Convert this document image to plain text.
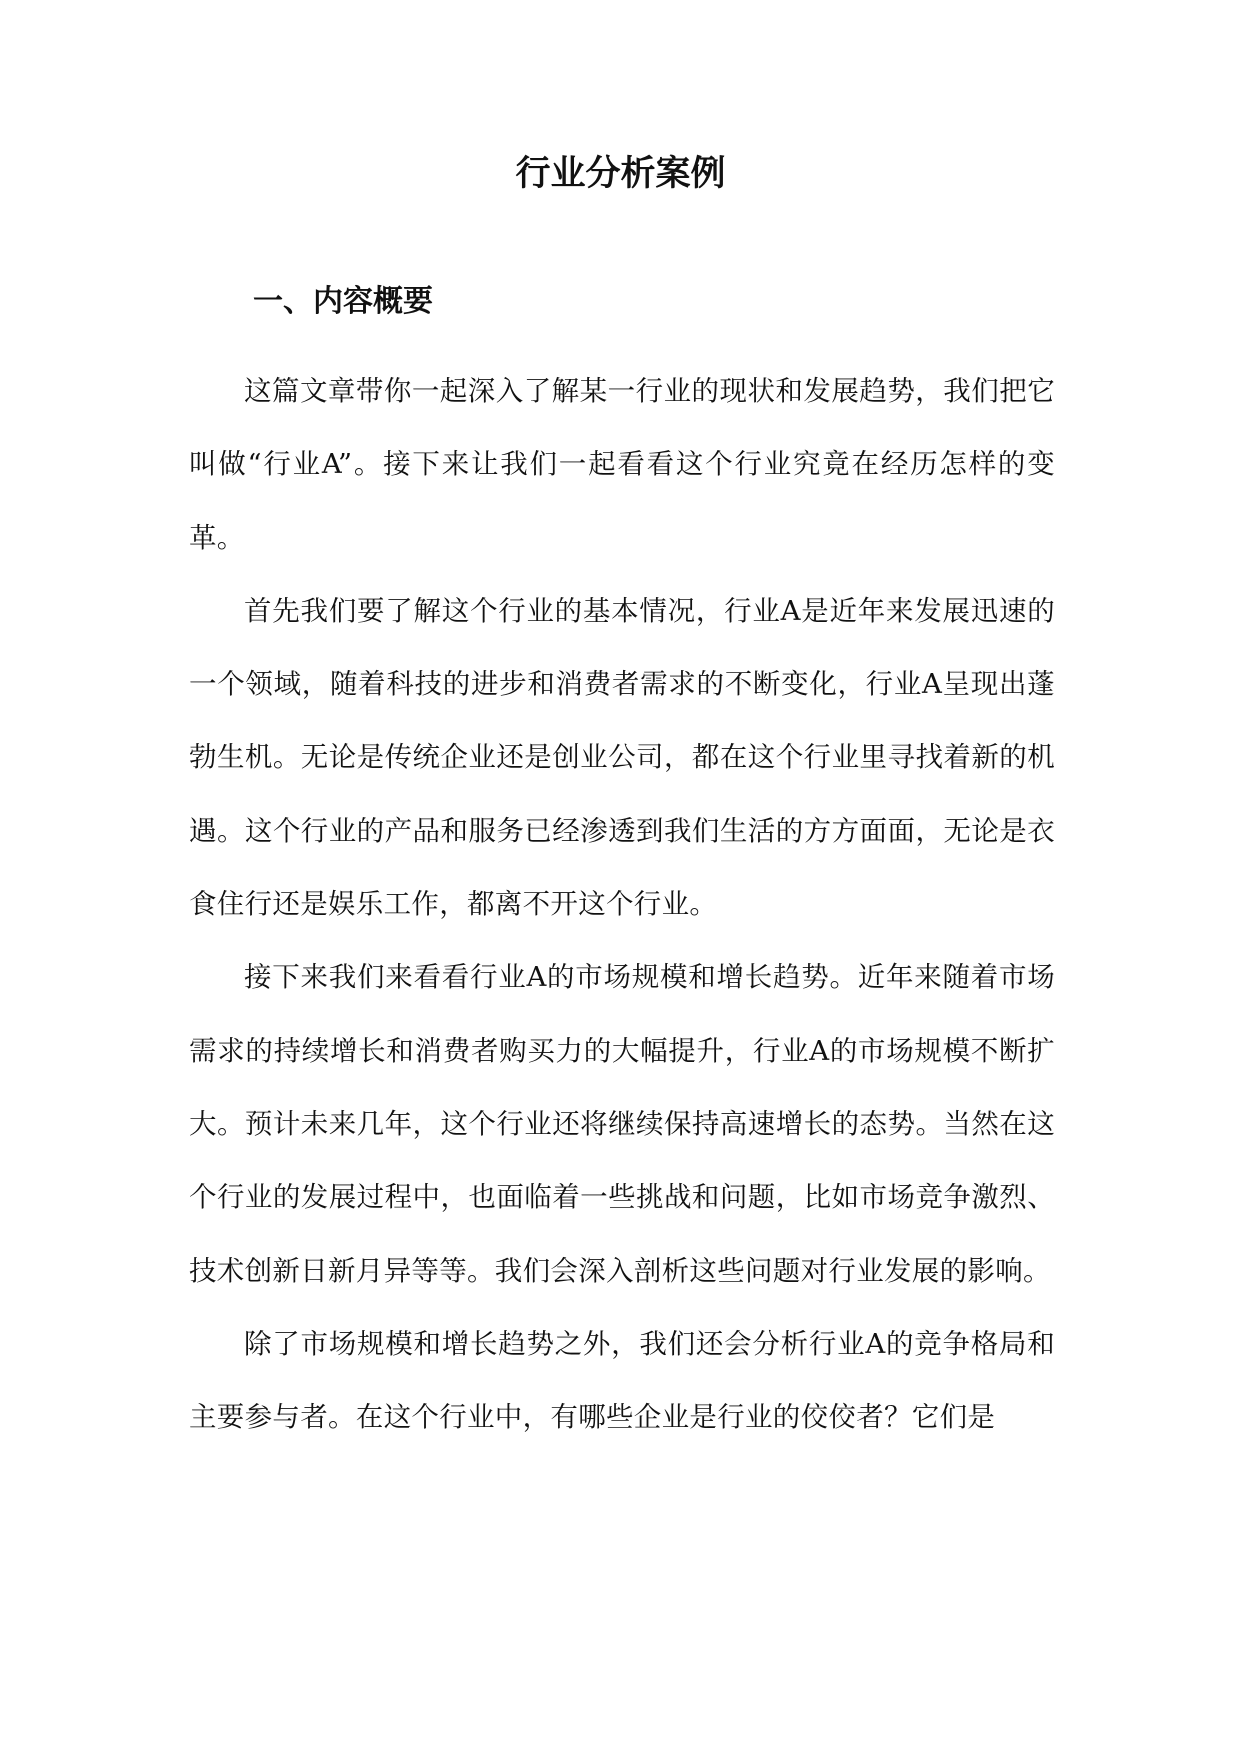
行业分析案例
一、内容概要

这篇文章带你一起深入了解某一行业的现状和发展趋势，我们把它叫做“行业A”。接下来让我们一起看看这个行业究竟在经历怎样的变革。

首先我们要了解这个行业的基本情况，行业A是近年来发展迅速的一个领域，随着科技的进步和消费者需求的不断变化，行业A呈现出蓬勃生机。无论是传统企业还是创业公司，都在这个行业里寻找着新的机遇。这个行业的产品和服务已经渗透到我们生活的方方面面，无论是衣食住行还是娱乐工作，都离不开这个行业。

接下来我们来看看行业A的市场规模和增长趋势。近年来随着市场需求的持续增长和消费者购买力的大幅提升，行业A的市场规模不断扩大。预计未来几年，这个行业还将继续保持高速增长的态势。当然在这个行业的发展过程中，也面临着一些挑战和问题，比如市场竞争激烈、技术创新日新月异等等。我们会深入剖析这些问题对行业发展的影响。

除了市场规模和增长趋势之外，我们还会分析行业A的竞争格局和主要参与者。在这个行业中，有哪些企业是行业的佼佼者？它们是
